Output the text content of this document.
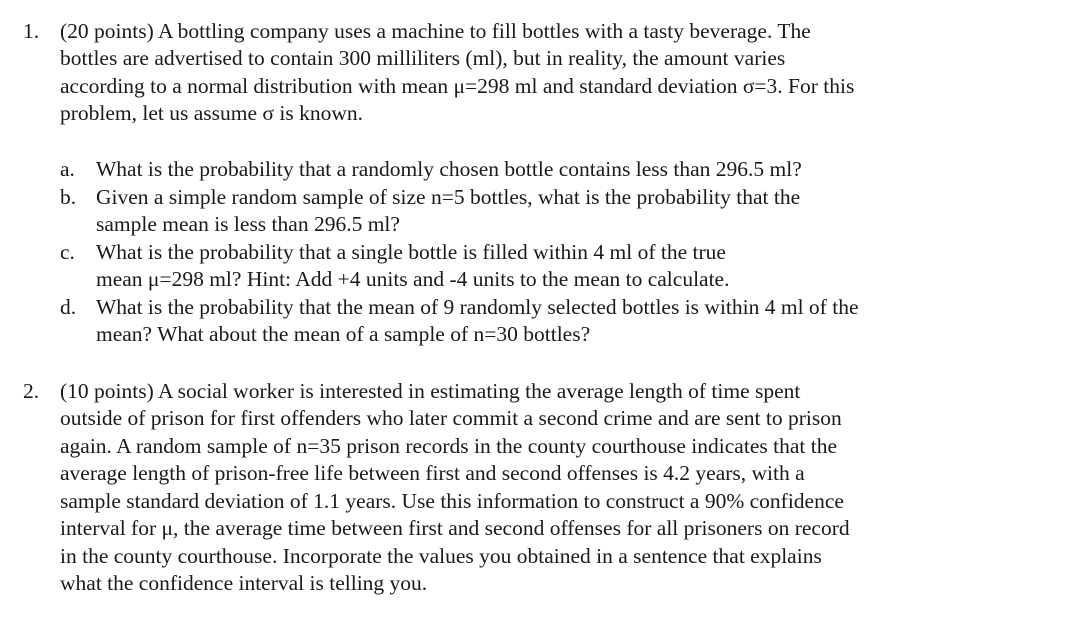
1. (20 points) A bottling company uses a machine to fill bottles with a tasty beverage. The
bottles are advertised to contain 300 milliliters (ml), but in reality, the amount varies
according to a normal distribution with mean μ=298 ml and standard deviation σ=3. For this
problem, let us assume σ is known.
a. What is the probability that a randomly chosen bottle contains less than 296.5 ml?
b. Given a simple random sample of size n=5 bottles, what is the probability that the
sample mean is less than 296.5 ml?
c. What is the probability that a single bottle is filled within 4 ml of the true
mean μ=298 ml? Hint: Add +4 units and -4 units to the mean to calculate.
d. What is the probability that the mean of 9 randomly selected bottles is within 4 ml of the
mean? What about the mean of a sample of n=30 bottles?
2. (10 points) A social worker is interested in estimating the average length of time spent
outside of prison for first offenders who later commit a second crime and are sent to prison
again. A random sample of n=35 prison records in the county courthouse indicates that the
average length of prison-free life between first and second offenses is 4.2 years, with a
sample standard deviation of 1.1 years. Use this information to construct a 90% confidence
interval for μ, the average time between first and second offenses for all prisoners on record
in the county courthouse. Incorporate the values you obtained in a sentence that explains
what the confidence interval is telling you.
